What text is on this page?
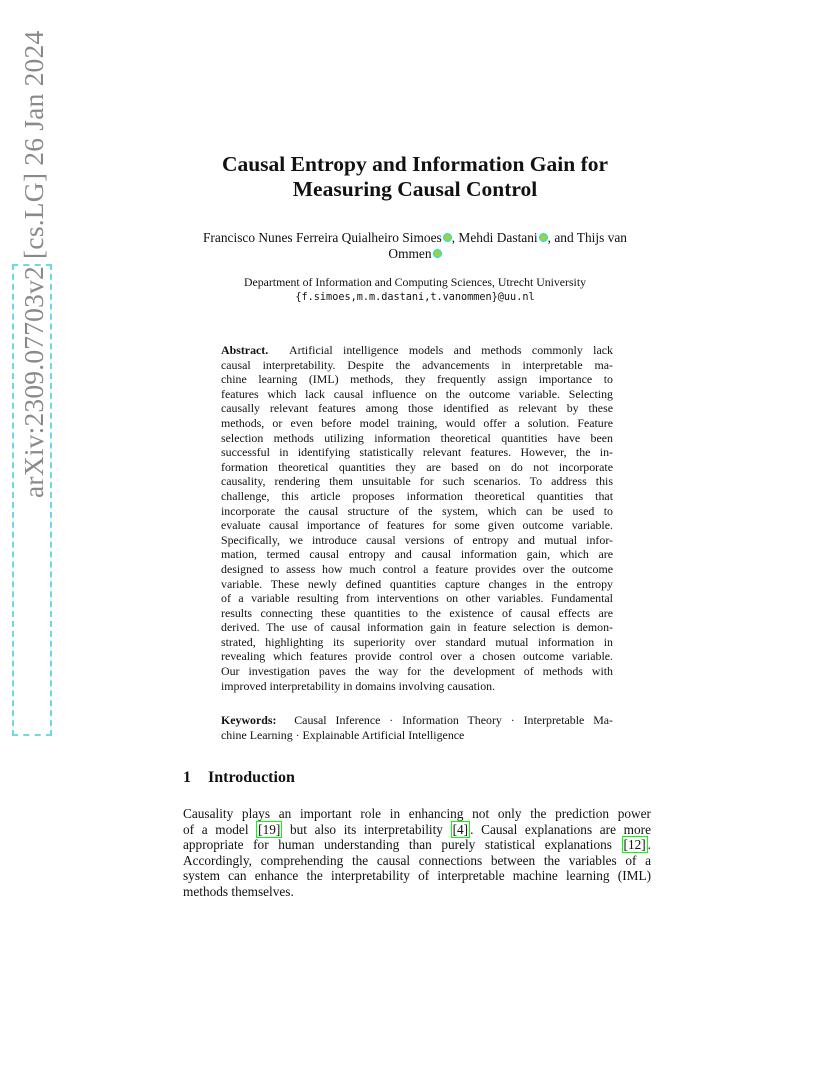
arXiv:2309.07703v2 [cs.LG] 26 Jan 2024	Causal Entropy and Information Gain for
Measuring Causal Control
Francisco Nunes Ferreira Quialheiro Simoes , Mehdi Dastani , and Thijs van
Ommen
Department of Information and Computing Sciences, Utrecht University
{f.simoes,m.m.dastani,t.vanommen}@uu.nl
Abstract. Artificial intelligence models and methods commonly lack
causal interpretability. Despite the advancements in interpretable ma-
chine learning (IML) methods, they frequently assign importance to
features which lack causal influence on the outcome variable. Selecting
causally relevant features among those identified as relevant by these
methods, or even before model training, would offer a solution. Feature
selection methods utilizing information theoretical quantities have been
successful in identifying statistically relevant features. However, the in-
formation theoretical quantities they are based on do not incorporate
causality, rendering them unsuitable for such scenarios. To address this
challenge, this article proposes information theoretical quantities that
incorporate the causal structure of the system, which can be used to
evaluate causal importance of features for some given outcome variable.
Specifically, we introduce causal versions of entropy and mutual infor-
mation, termed causal entropy and causal information gain, which are
designed to assess how much control a feature provides over the outcome
variable. These newly defined quantities capture changes in the entropy
of a variable resulting from interventions on other variables. Fundamental
results connecting these quantities to the existence of causal effects are
derived. The use of causal information gain in feature selection is demon-
strated, highlighting its superiority over standard mutual information in
revealing which features provide control over a chosen outcome variable.
Our investigation paves the way for the development of methods with
improved interpretability in domains involving causation.
Keywords: Causal Inference · Information Theory · Interpretable Ma-
chine Learning · Explainable Artificial Intelligence
1 Introduction
Causality plays an important role in enhancing not only the prediction power
of a model [19] but also its interpretability [4] . Causal explanations are more
appropriate for human understanding than purely statistical explanations [12] .
Accordingly, comprehending the causal connections between the variables of a
system can enhance the interpretability of interpretable machine learning (IML)
methods themselves.
